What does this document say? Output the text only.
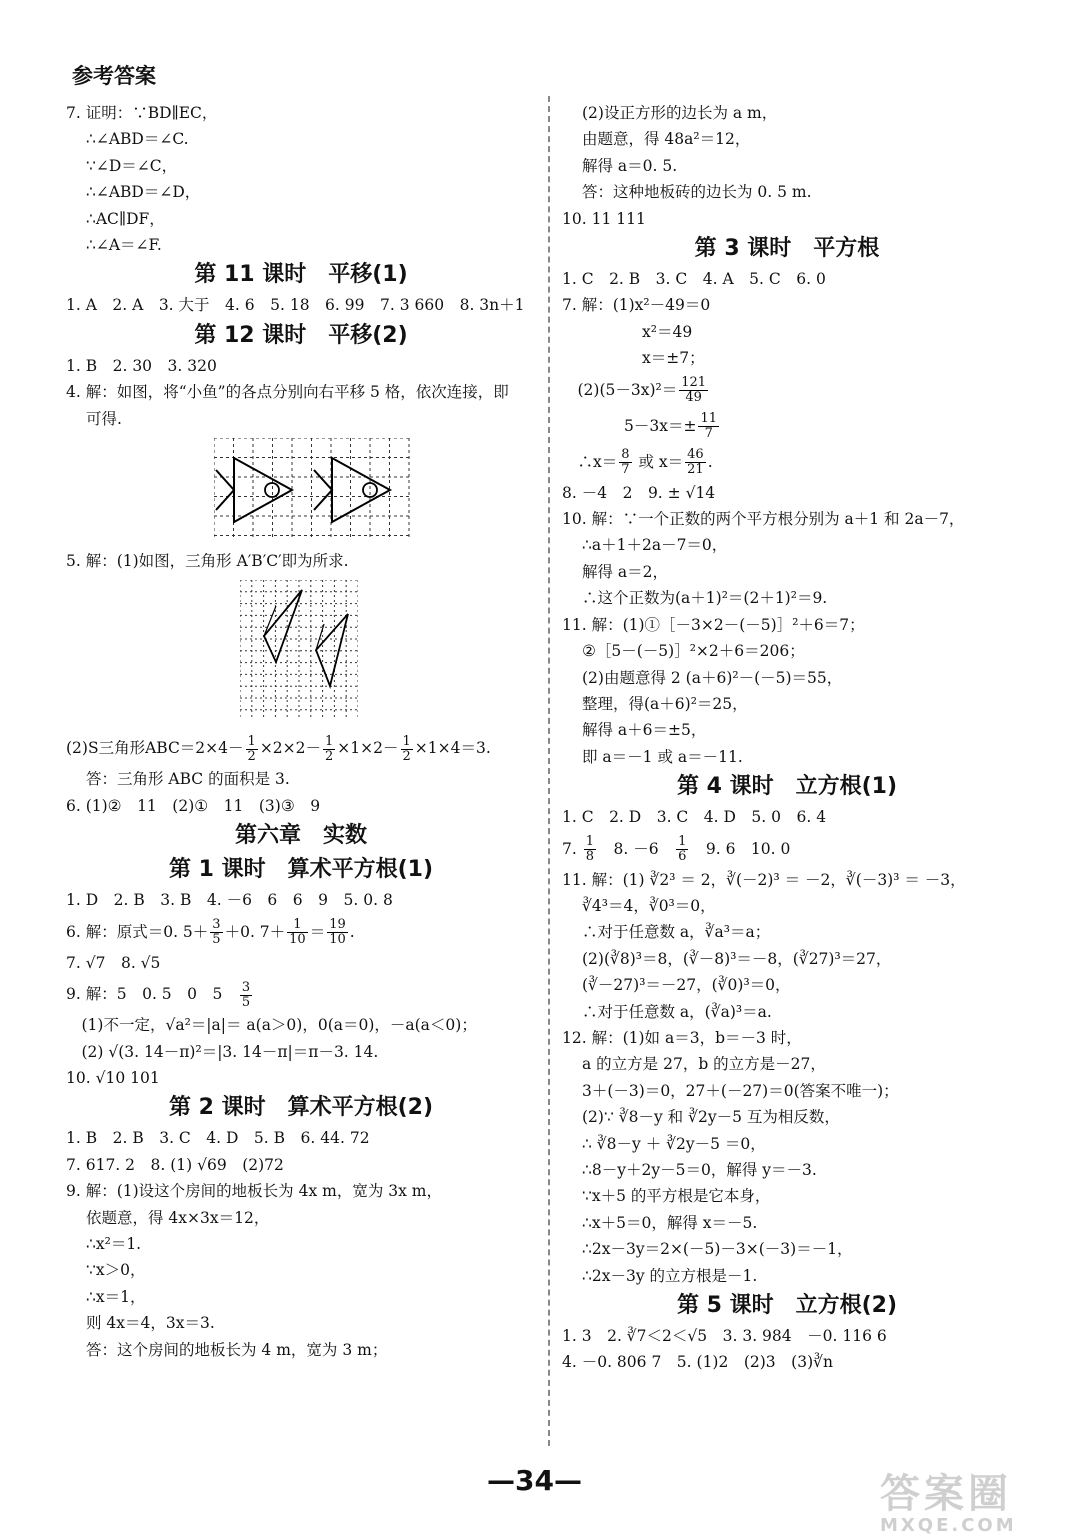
参考答案
7. 证明：∵BD∥EC，
∴∠ABD＝∠C.
∵∠D＝∠C，
∴∠ABD＝∠D，
∴AC∥DF，
∴∠A＝∠F.
第 11 课时　平移(1)
1. A　2. A　3. 大于　4. 6　5. 18　6. 99　7. 3 660　8. 3n＋1
第 12 课时　平移(2)
1. B　2. 30　3. 320
4. 解：如图，将“小鱼”的各点分别向右平移 5 格，依次连接，即
可得.
5. 解：(1)如图，三角形 A′B′C′即为所求.
(2)S三角形$ABC=2\times 4- \frac{1}{2} \times 2\times 2- \frac{1}{2} \times 1\times 2- \frac{1}{2} \times 1\times 4=3$.
答：三角形 ABC 的面积是 3.
6. (1)②　11　(2)①　11　(3)③　9
第六章　实数
第 1 课时　算术平方根(1)
1. D　2. B　3. B　4. －6　6　6　9　5. 0. 8
6. 解：原式＝0. $5+ \frac{3}{5} +0$. $7+ \frac{1}{10} = \frac{19}{10}$ .
7. √7　8. √5
9. 解：5　0. 5　0　5　 $\frac{3}{5}$
　(1)不一定，√a²＝|a|＝ a(a＞0)，0(a＝0)，－a(a＜0)；
　(2) √(3. 14－π)²＝|3. 14－π|＝π－3. 14.
10. √10 101
第 2 课时　算术平方根(2)
1. B　2. B　3. C　4. D　5. B　6. 44. 72
7. 617. 2　8. (1) √69　(2)72
9. 解：(1)设这个房间的地板长为 4x m，宽为 3x m，
依题意，得 4x×3x＝12，
∴x²＝1.
∵x＞0，
∴x＝1，
则 4x＝4，3x＝3.
答：这个房间的地板长为 4 m，宽为 3 m；
(2)设正方形的边长为 a m，
由题意，得 48a²＝12，
解得 a＝0. 5.
答：这种地板砖的边长为 0. 5 m.
10. 11 111
第 3 课时　平方根
1. C　2. B　3. C　4. A　5. C　6. 0
7. 解：(1)x²－49＝0
x²＝49
x＝±7；
　$(2)(5-3x)^2= \frac{121}{49}$
　　　　$5-3x=\pm \frac{11}{7}$
　∴x＝ $\frac{8}{7}$ 或 $x= \frac{46}{21}$ .
8. －4　2　9. ± √14
10. 解：∵一个正数的两个平方根分别为 a＋1 和 2a－7，
∴a＋1＋2a－7＝0，
解得 a＝2，
∴这个正数为(a＋1)²＝(2＋1)²＝9.
11. 解：(1)①［－3×2－(－5)］²＋6＝7；
②［5－(－5)］²×2＋6＝206；
(2)由题意得 2 (a＋6)²－(－5)＝55，
整理，得(a＋6)²＝25，
解得 a＋6＝±5，
即 a＝－1 或 a＝－11.
第 4 课时　立方根(1)
1. C　2. D　3. C　4. D　5. 0　6. 4
7. $\frac{1}{8}$ 　8. －6　 $\frac{1}{6}$ 　9. 6　10. 0
11. 解：(1) ∛2³ ＝ 2，∛(－2)³ ＝ －2，∛(－3)³ ＝ －3，
∛4³＝4，∛0³＝0，
∴对于任意数 a，∛a³＝a；
(2)(∛8)³＝8，(∛－8)³＝－8，(∛27)³＝27，
(∛－27)³＝－27，(∛0)³＝0，
∴对于任意数 a，(∛a)³＝a.
12. 解：(1)如 a＝3，b＝－3 时，
a 的立方是 27，b 的立方是－27，
3＋(－3)＝0，27＋(－27)＝0(答案不唯一)；
(2)∵ ∛8－y 和 ∛2y－5 互为相反数，
∴ ∛8－y ＋ ∛2y－5 ＝0，
∴8－y＋2y－5＝0，解得 y＝－3.
∵x＋5 的平方根是它本身，
∴x＋5＝0，解得 x＝－5.
∴2x－3y＝2×(－5)－3×(－3)＝－1，
∴2x－3y 的立方根是－1.
第 5 课时　立方根(2)
1. 3　2. ∛7＜2＜√5　3. 3. 984　－0. 116 6
4. －0. 806 7　5. (1)2　(2)3　(3)∛n
—34—	答案圈
MXQE.COM
